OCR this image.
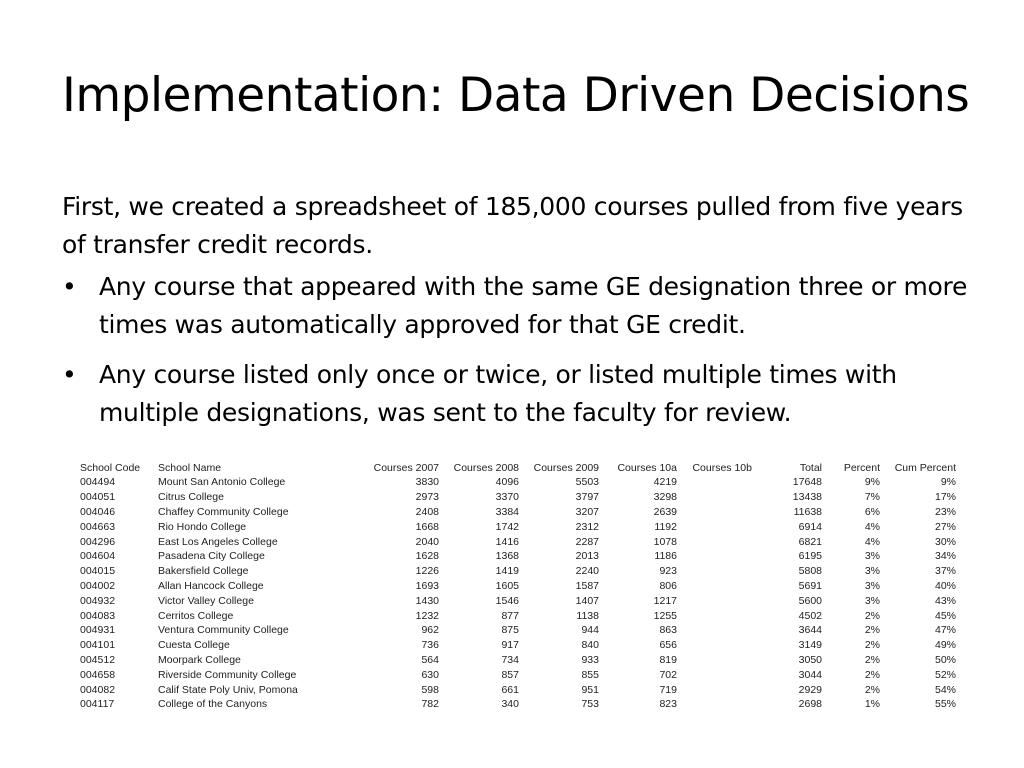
Implementation: Data Driven Decisions

First, we created a spreadsheet of 185,000 courses pulled from five years of transfer credit records.

• Any course that appeared with the same GE designation three or more times was automatically approved for that GE credit.
• Any course listed only once or twice, or listed multiple times with multiple designations, was sent to the faculty for review.
School Code	School Name	Courses 2007	Courses 2008	Courses 2009	Courses 10a	Courses 10b	Total	Percent	Cum Percent
004494	Mount San Antonio College	3830	4096	5503	4219		17648	9%	9%
004051	Citrus College	2973	3370	3797	3298		13438	7%	17%
004046	Chaffey Community College	2408	3384	3207	2639		11638	6%	23%
004663	Rio Hondo College	1668	1742	2312	1192		6914	4%	27%
004296	East Los Angeles College	2040	1416	2287	1078		6821	4%	30%
004604	Pasadena City College	1628	1368	2013	1186		6195	3%	34%
004015	Bakersfield College	1226	1419	2240	923		5808	3%	37%
004002	Allan Hancock College	1693	1605	1587	806		5691	3%	40%
004932	Victor Valley College	1430	1546	1407	1217		5600	3%	43%
004083	Cerritos College	1232	877	1138	1255		4502	2%	45%
004931	Ventura Community College	962	875	944	863		3644	2%	47%
004101	Cuesta College	736	917	840	656		3149	2%	49%
004512	Moorpark College	564	734	933	819		3050	2%	50%
004658	Riverside Community College	630	857	855	702		3044	2%	52%
004082	Calif State Poly Univ, Pomona	598	661	951	719		2929	2%	54%
004117	College of the Canyons	782	340	753	823		2698	1%	55%
